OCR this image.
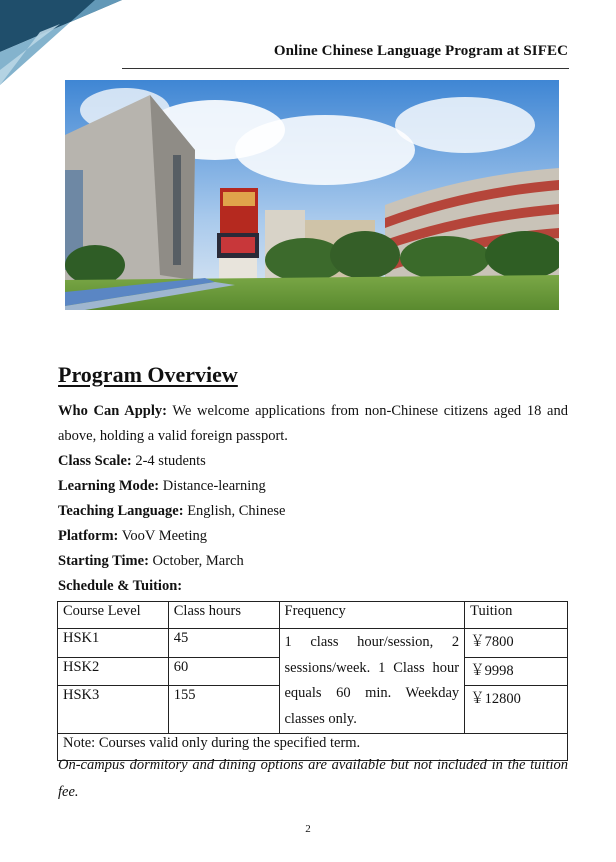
Online Chinese Language Program at SIFEC
Program Overview

Who Can Apply: We welcome applications from non-Chinese citizens aged 18 and above, holding a valid foreign passport.

Class Scale: 2-4 students

Learning Mode: Distance-learning

Teaching Language: English, Chinese

Platform: VooV Meeting

Starting Time: October, March

Schedule & Tuition:

Course Level	Class hours	Frequency	Tuition
HSK1	45	1 class hour/session, 2 sessions/week. 1 Class hour equals 60 min. Weekday classes only.	￥7800
HSK2	60		￥9998
HSK3	155		￥12800
Note: Courses valid only during the specified term.			

On-campus dormitory and dining options are available but not included in the tuition fee.

2
